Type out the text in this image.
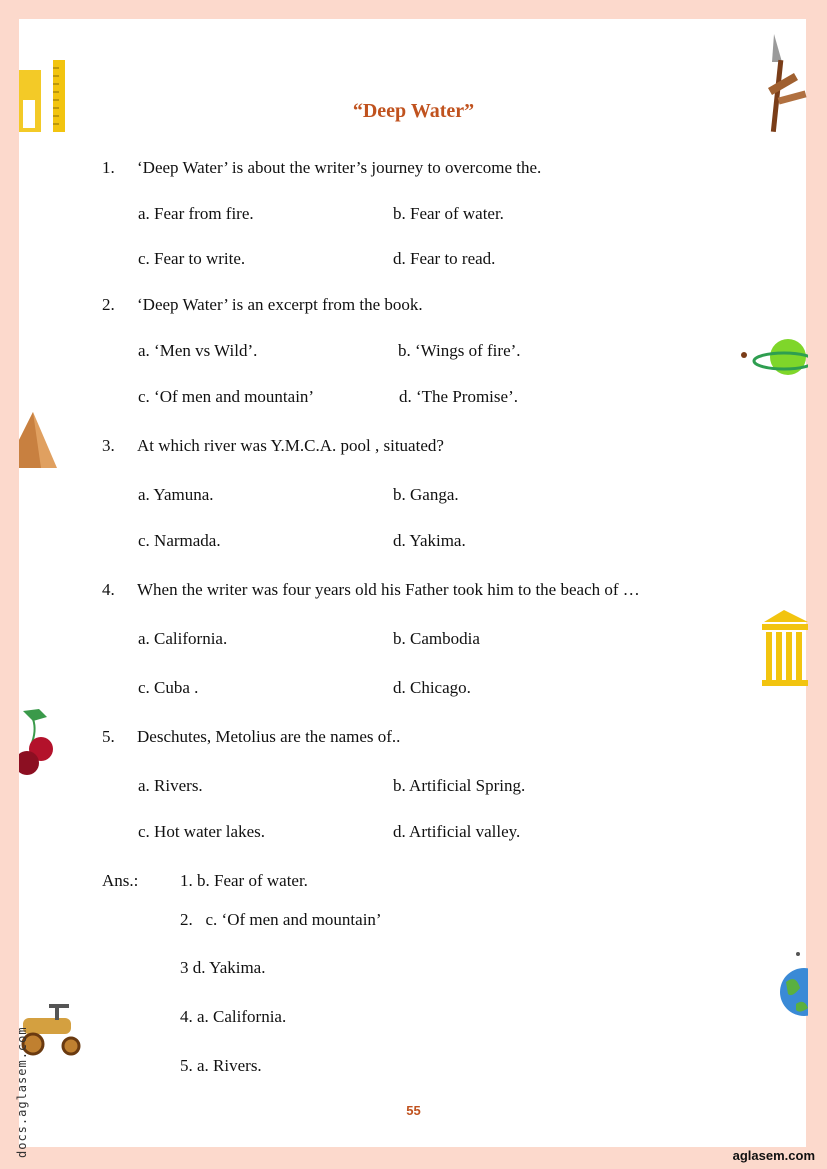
docs.aglasem.com
“Deep Water”
1. ‘Deep Water’ is about the writer’s journey to overcome the.
a. Fear from fire.	b. Fear of water.
c. Fear to write.	d. Fear to read.
2. ‘Deep Water’ is an excerpt from the book.
a. ‘Men vs Wild’.	b. ‘Wings of fire’.
c. ‘Of men and mountain’	d. ‘The Promise’.
3. At which river was Y.M.C.A. pool , situated?
a. Yamuna.	b. Ganga.
c. Narmada.	d. Yakima.
4. When the writer was four years old his Father took him to the beach of …
a. California.	b. Cambodia
c. Cuba .	d. Chicago.
5. Deschutes, Metolius are the names of..
a. Rivers.	b. Artificial Spring.
c. Hot water lakes.	d. Artificial valley.
Ans.: 1. b. Fear of water.
2.   c. ‘Of men and mountain’
3 d. Yakima.
4. a. California.
5. a. Rivers.
55
aglasem.com
